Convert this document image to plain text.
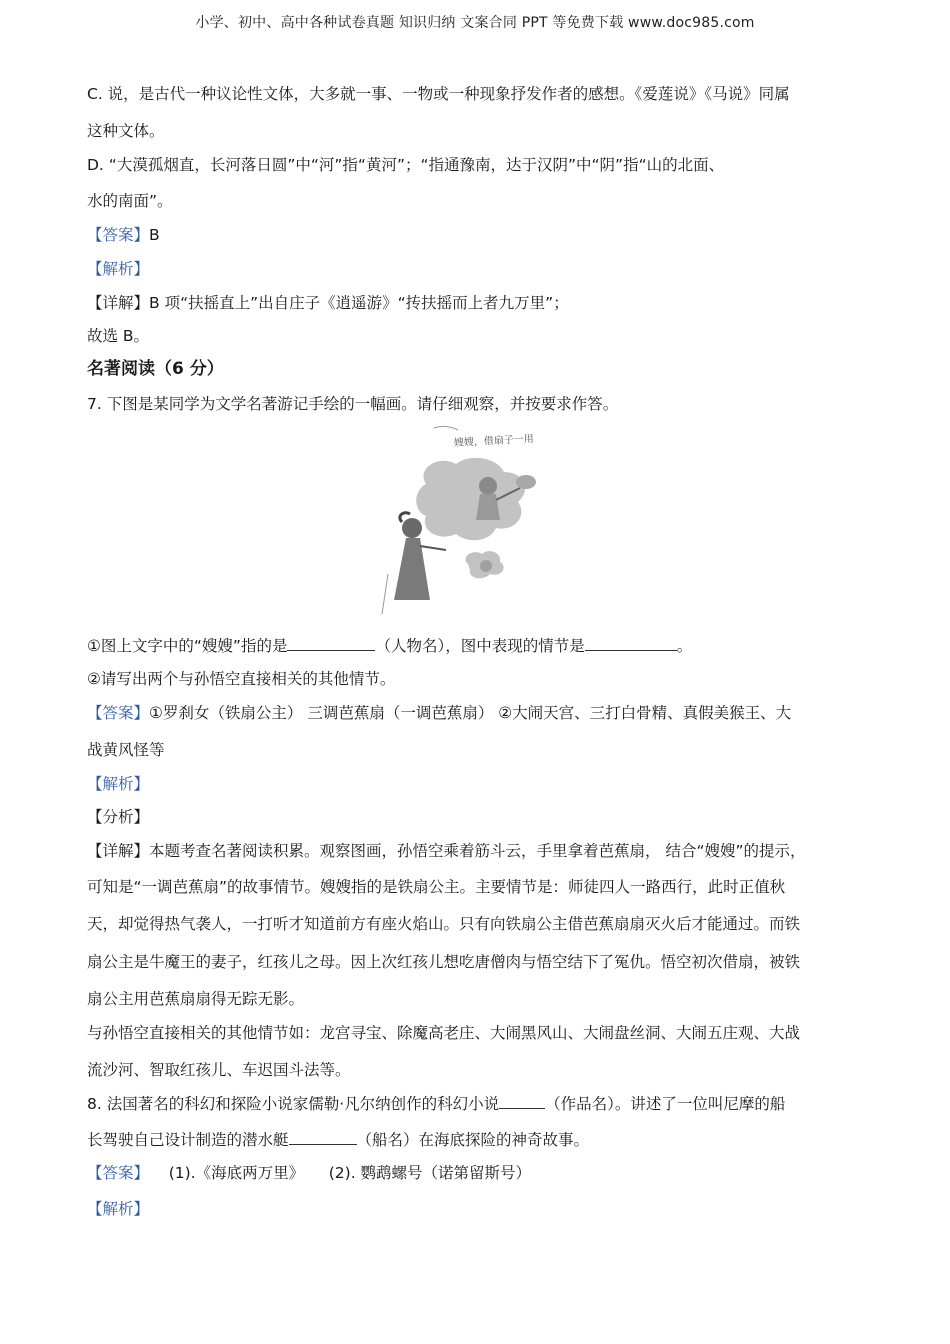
小学、初中、高中各种试卷真题 知识归纳 文案合同 PPT 等免费下载 www.doc985.com
C. 说，是古代一种议论性文体，大多就一事、一物或一种现象抒发作者的感想。《爱莲说》《马说》同属
这种文体。
D. “大漠孤烟直，长河落日圆”中“河”指“黄河”；“指通豫南，达于汉阴”中“阴”指“山的北面、
水的南面”。
【答案】B
【解析】
【详解】B 项“扶摇直上”出自庄子《逍遥游》“抟扶摇而上者九万里”；
故选 B。
名著阅读（6 分）
7. 下图是某同学为文学名著游记手绘的一幅画。请仔细观察，并按要求作答。
①图上文字中的“嫂嫂”指的是	（人物名），图中表现的情节是	。
②请写出两个与孙悟空直接相关的其他情节。
【答案】①罗刹女（铁扇公主） 三调芭蕉扇（一调芭蕉扇） ②大闹天宫、三打白骨精、真假美猴王、大
战黄风怪等
【解析】
【分析】
【详解】本题考查名著阅读积累。观察图画，孙悟空乘着筋斗云，手里拿着芭蕉扇， 结合“嫂嫂”的提示，
可知是“一调芭蕉扇”的故事情节。嫂嫂指的是铁扇公主。主要情节是：师徒四人一路西行，此时正值秋
天，却觉得热气袭人，一打听才知道前方有座火焰山。只有向铁扇公主借芭蕉扇扇灭火后才能通过。而铁
扇公主是牛魔王的妻子，红孩儿之母。因上次红孩儿想吃唐僧肉与悟空结下了冤仇。悟空初次借扇，被铁
扇公主用芭蕉扇扇得无踪无影。
与孙悟空直接相关的其他情节如：龙宫寻宝、除魔高老庄、大闹黑风山、大闹盘丝洞、大闹五庄观、大战
流沙河、智取红孩儿、车迟国斗法等。
8. 法国著名的科幻和探险小说家儒勒·凡尔纳创作的科幻小说	（作品名）。讲述了一位叫尼摩的船
长驾驶自己设计制造的潜水艇	（船名）在海底探险的神奇故事。
【答案】    (1).《海底两万里》     (2). 鹦鹉螺号（诺第留斯号）
【解析】
嫂嫂，借扇子一用
